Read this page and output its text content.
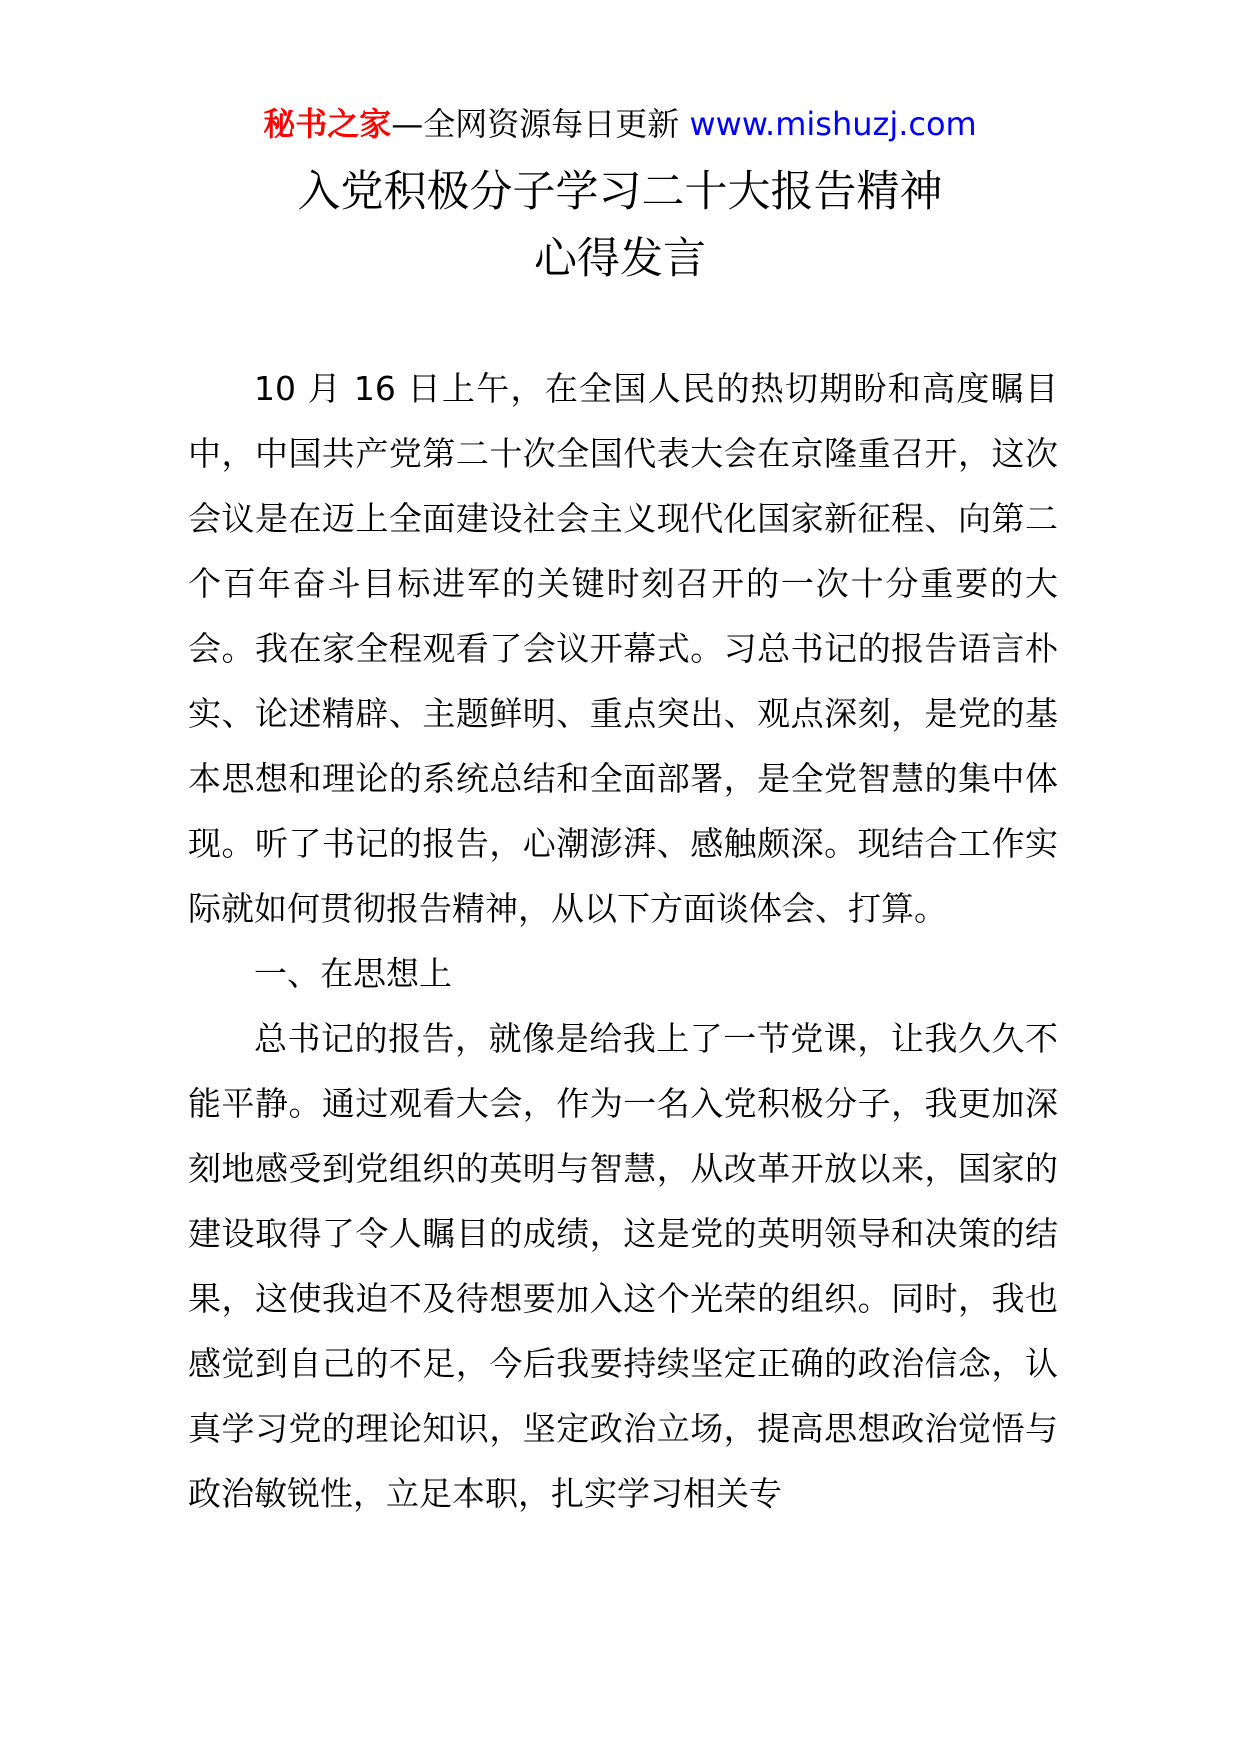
秘书之家—全网资源每日更新 www.mishuzj.com
入党积极分子学习二十大报告精神
心得发言

10 月 16 日上午，在全国人民的热切期盼和高度瞩目中，中国共产党第二十次全国代表大会在京隆重召开，这次会议是在迈上全面建设社会主义现代化国家新征程、向第二个百年奋斗目标进军的关键时刻召开的一次十分重要的大会。我在家全程观看了会议开幕式。习总书记的报告语言朴实、论述精辟、主题鲜明、重点突出、观点深刻，是党的基本思想和理论的系统总结和全面部署，是全党智慧的集中体现。听了书记的报告，心潮澎湃、感触颇深。现结合工作实际就如何贯彻报告精神，从以下方面谈体会、打算。

一、在思想上

总书记的报告，就像是给我上了一节党课，让我久久不能平静。通过观看大会，作为一名入党积极分子，我更加深刻地感受到党组织的英明与智慧，从改革开放以来，国家的建设取得了令人瞩目的成绩，这是党的英明领导和决策的结果，这使我迫不及待想要加入这个光荣的组织。同时，我也感觉到自己的不足，今后我要持续坚定正确的政治信念，认真学习党的理论知识，坚定政治立场，提高思想政治觉悟与政治敏锐性，立足本职，扎实学习相关专
